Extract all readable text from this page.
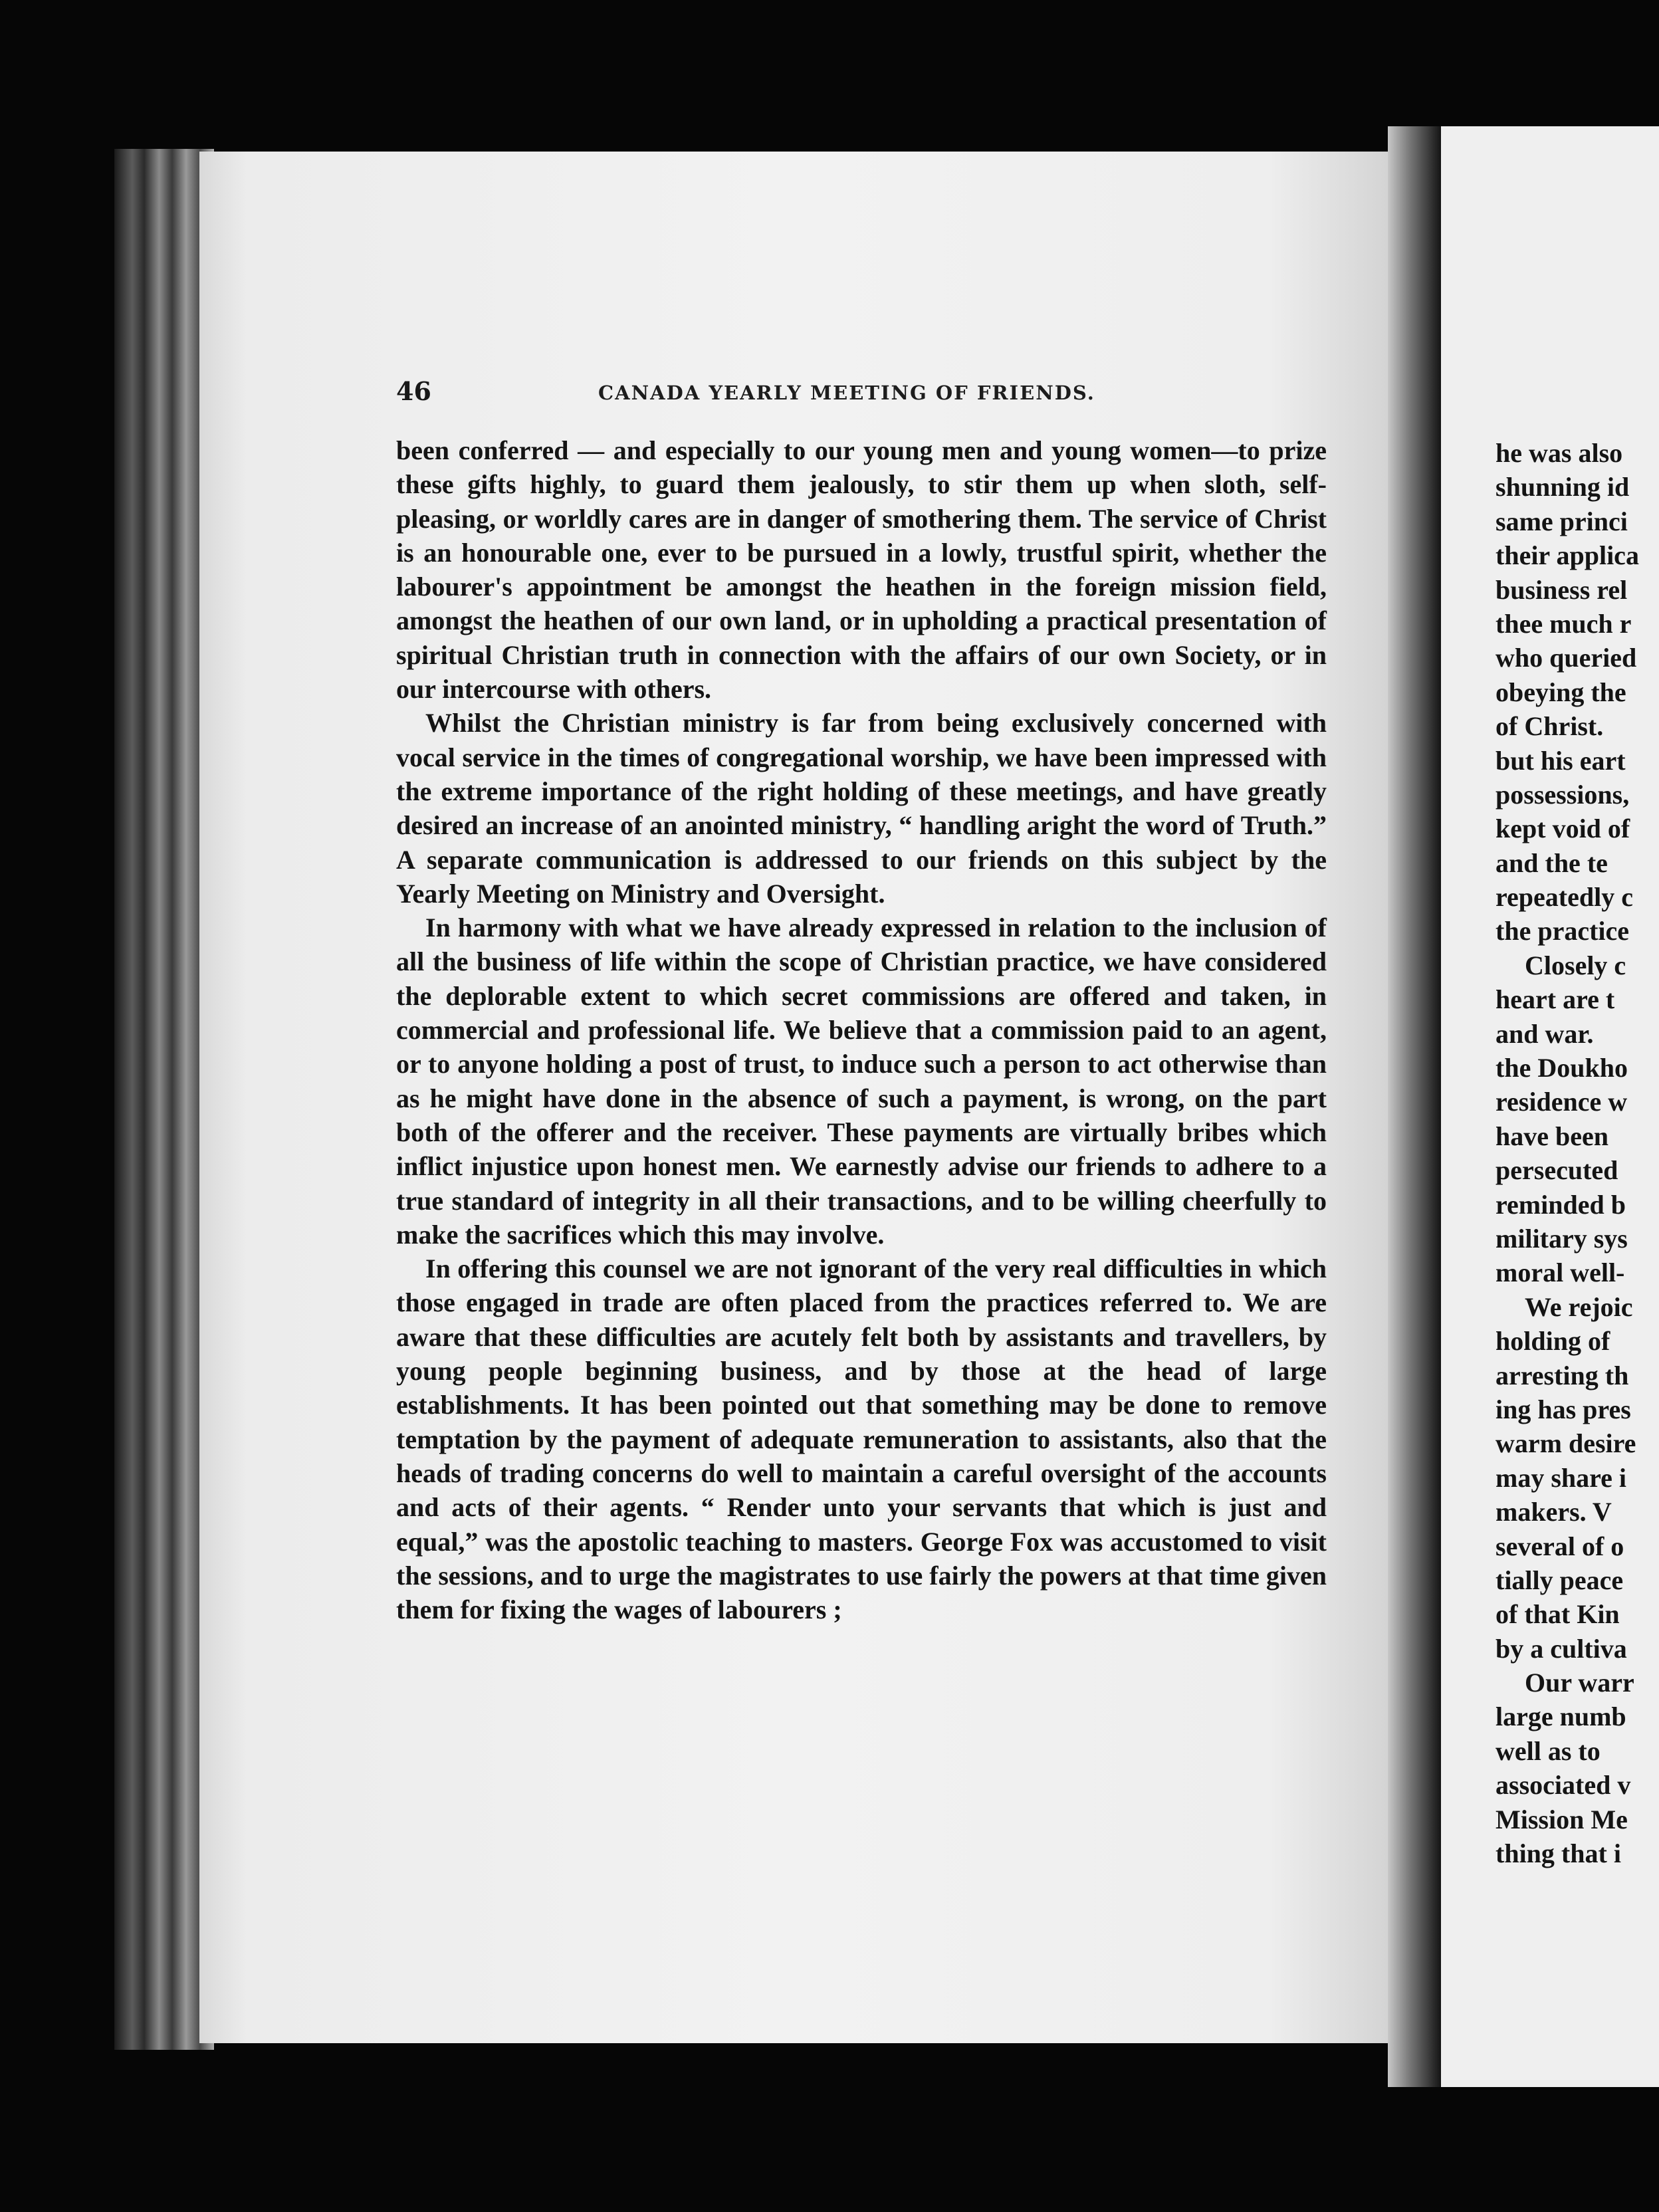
46	CANADA YEARLY MEETING OF FRIENDS.

been conferred — and especially to our young men and young women—to prize these gifts highly, to guard them jealously, to stir them up when sloth, self-pleasing, or worldly cares are in danger of smothering them. The service of Christ is an honourable one, ever to be pursued in a lowly, trustful spirit, whether the labourer's appointment be amongst the heathen in the foreign mission field, amongst the heathen of our own land, or in upholding a practical presentation of spiritual Christian truth in connection with the affairs of our own Society, or in our intercourse with others.

Whilst the Christian ministry is far from being exclusively concerned with vocal service in the times of congregational worship, we have been impressed with the extreme importance of the right holding of these meetings, and have greatly desired an increase of an anointed ministry, “ handling aright the word of Truth.” A separate communication is addressed to our friends on this subject by the Yearly Meeting on Ministry and Oversight.

In harmony with what we have already expressed in relation to the inclusion of all the business of life within the scope of Christian practice, we have considered the deplorable extent to which secret commissions are offered and taken, in commercial and professional life. We believe that a commission paid to an agent, or to anyone holding a post of trust, to induce such a person to act otherwise than as he might have done in the absence of such a payment, is wrong, on the part both of the offerer and the receiver. These payments are virtually bribes which inflict injustice upon honest men. We earnestly advise our friends to adhere to a true standard of integrity in all their transactions, and to be willing cheerfully to make the sacrifices which this may involve.

In offering this counsel we are not ignorant of the very real difficulties in which those engaged in trade are often placed from the practices referred to. We are aware that these difficulties are acutely felt both by assistants and travellers, by young people beginning business, and by those at the head of large establishments. It has been pointed out that something may be done to remove temptation by the payment of adequate remuneration to assistants, also that the heads of trading concerns do well to maintain a careful oversight of the accounts and acts of their agents. “ Render unto your servants that which is just and equal,” was the apostolic teaching to masters. George Fox was accustomed to visit the sessions, and to urge the magistrates to use fairly the powers at that time given them for fixing the wages of labourers ;

he was also
shunning id
same princi
their applica
business rel
thee much r
who queried
obeying the
of Christ.
but his eart
possessions,
kept void of
and the te
repeatedly c
the practice
Closely c
heart are t
and war.
the Doukho
residence w
have been
persecuted
reminded b
military sys
moral well-
We rejoic
holding of
arresting th
ing has pres
warm desire
may share i
makers. V
several of o
tially peace
of that Kin
by a cultiva
Our warr
large numb
well as to
associated v
Mission Me
thing that i
